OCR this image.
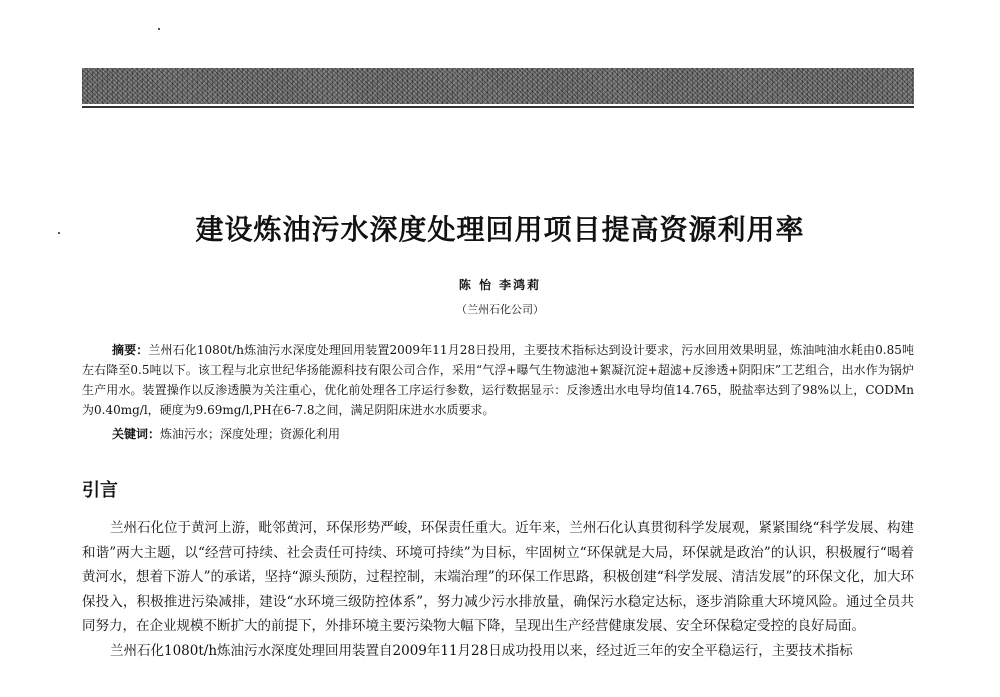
建设炼油污水深度处理回用项目提高资源利用率
陈 怡 李鸿莉
（兰州石化公司）
摘要：兰州石化1080t/h炼油污水深度处理回用装置2009年11月28日投用，主要技术指标达到设计要求，污水回用效果明显，炼油吨油水耗由0.85吨左右降至0.5吨以下。该工程与北京世纪华扬能源科技有限公司合作，采用“气浮+曝气生物滤池+絮凝沉淀+超滤+反渗透+阴阳床”工艺组合，出水作为锅炉生产用水。装置操作以反渗透膜为关注重心，优化前处理各工序运行参数，运行数据显示：反渗透出水电导均值14.765，脱盐率达到了98%以上，CODMn为0.40mg/l，硬度为9.69mg/l,PH在6-7.8之间，满足阴阳床进水水质要求。
关键词：炼油污水；深度处理；资源化利用
引言

兰州石化位于黄河上游，毗邻黄河，环保形势严峻，环保责任重大。近年来，兰州石化认真贯彻科学发展观，紧紧围绕“科学发展、构建和谐”两大主题，以“经营可持续、社会责任可持续、环境可持续”为目标，牢固树立“环保就是大局，环保就是政治”的认识，积极履行“喝着黄河水，想着下游人”的承诺，坚持“源头预防，过程控制，末端治理”的环保工作思路，积极创建“科学发展、清洁发展”的环保文化，加大环保投入，积极推进污染减排，建设“水环境三级防控体系”，努力减少污水排放量，确保污水稳定达标，逐步消除重大环境风险。通过全员共同努力，在企业规模不断扩大的前提下，外排环境主要污染物大幅下降，呈现出生产经营健康发展、安全环保稳定受控的良好局面。

兰州石化1080t/h炼油污水深度处理回用装置自2009年11月28日成功投用以来，经过近三年的安全平稳运行，主要技术指标
